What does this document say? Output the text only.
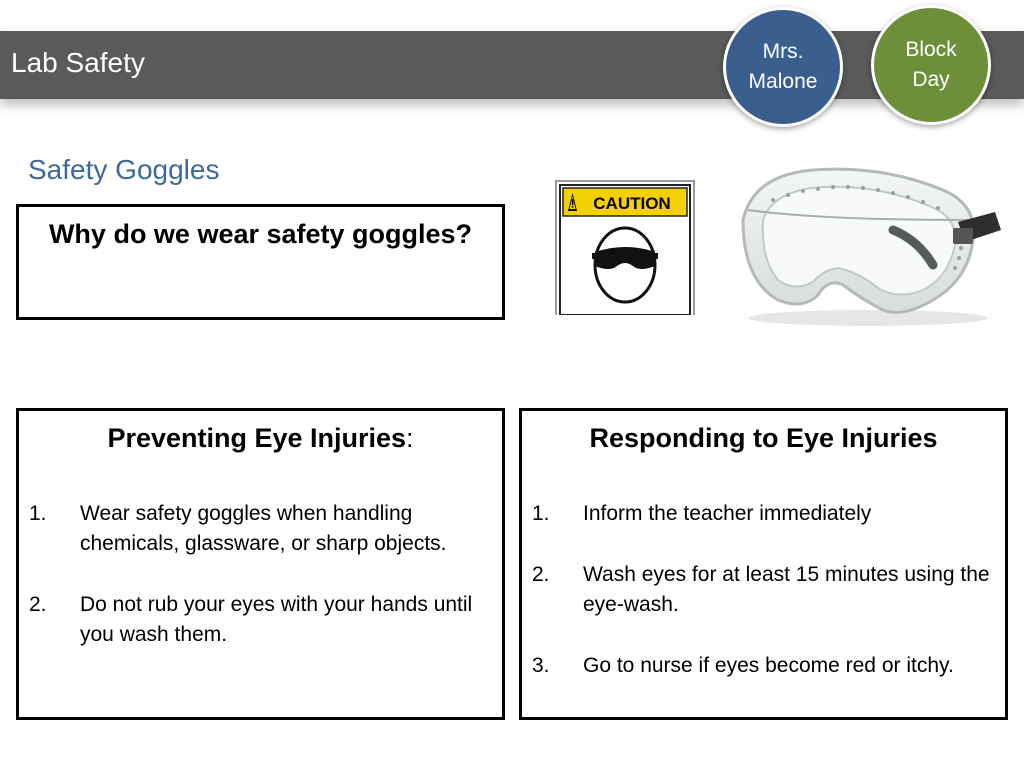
Lab Safety	Mrs.
Malone
Block
Day
Safety Goggles
Why do we wear safety goggles?
CAUTION
Preventing Eye Injuries:
1. Wear safety goggles when handling chemicals, glassware, or sharp objects.
2. Do not rub your eyes with your hands until you wash them.
Responding to Eye Injuries
1. Inform the teacher immediately
2. Wash eyes for at least 15 minutes using the eye-wash.
3. Go to nurse if eyes become red or itchy.
